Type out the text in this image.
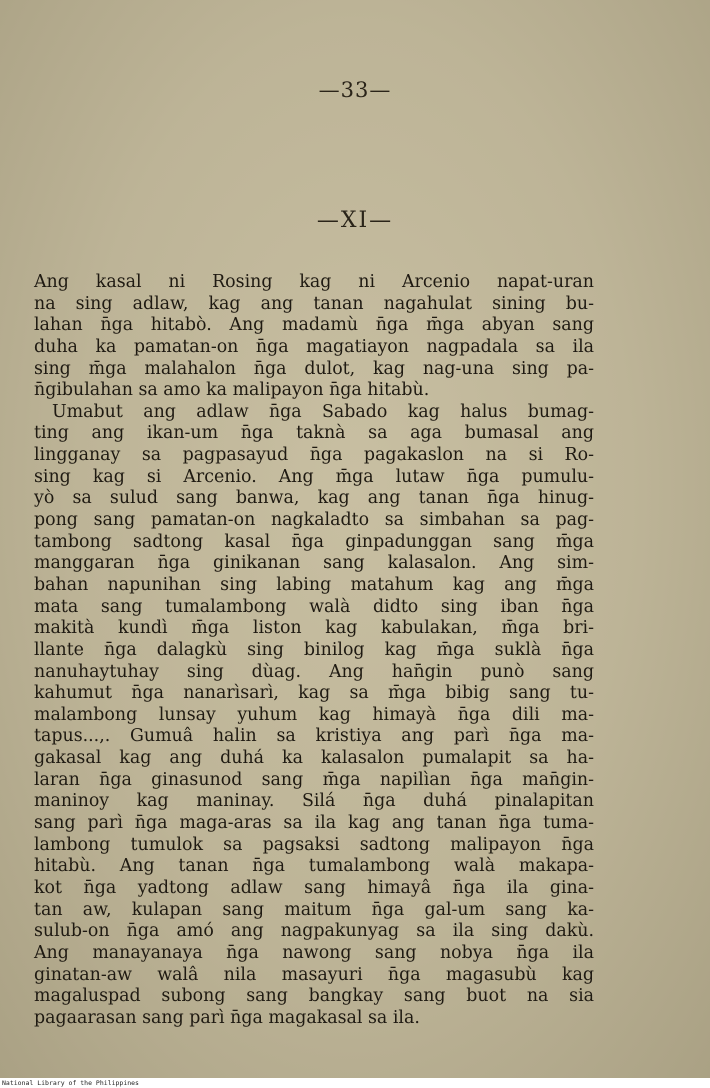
—33—
—XI—
Ang kasal ni Rosing kag ni Arcenio napat-uran
na sing adlaw, kag ang tanan nagahulat sining bu-
lahan n̄ga hitabò. Ang madamù n̄ga m̄ga abyan sang
duha ka pamatan-on n̄ga magatiayon nagpadala sa ila
sing m̄ga malahalon n̄ga dulot, kag nag-una sing pa-
n̄gibulahan sa amo ka malipayon n̄ga hitabù.
Umabut ang adlaw n̄ga Sabado kag halus bumag-
ting ang ikan-um n̄ga taknà sa aga bumasal ang
linggana​y sa pagpasayud n̄ga pagakaslon na si Ro-
sing kag si Arcenio. Ang m̄ga lutaw n̄ga pumulu-
yò sa sulud sang banwa, kag ang tanan n̄ga hinug-
pong sang pamatan-on nagkaladto sa simbahan sa pag-
tambong sadtong kasal n̄ga ginpadunggan sang m̄ga
manggaran n̄ga ginikanan sang kalasalon. Ang sim-
bahan napunihan sing labing matahum kag ang m̄ga
mata sang tumalambong walà didto sing iban n̄ga
makità kundì m̄ga liston kag kabulakan, m̄ga bri-
llante n̄ga dalagkù sing binilog kag m̄ga suklà n̄ga
nanuhaytuhay sing dùag. Ang han̄gin punò sang
kahumut n̄ga nanarìsarì, kag sa m̄ga bibig sang tu-
malambong lunsay yuhum kag himayà n̄ga dili ma-
tapus...,. Gumuâ halin sa kristiya ang parì n̄ga ma-
gakasal kag ang duhá ka kalasalon pumalapit sa ha-
laran n̄ga ginasunod sang m̄ga napilìan n̄ga man̄gin-
maninoy kag maninay. Silá n̄ga duhá pinalapitan
sang parì n̄ga maga-aras sa ila kag ang tanan n̄ga tuma-
lambong tumulok sa pagsaksi sadtong malipayon n̄ga
hitabù. Ang tanan n̄ga tumalambong walà makapa-
kot n̄ga yadtong adlaw sang himayâ n̄ga ila gina-
tan aw, kulapan sang maitum n̄ga gal-um sang ka-
sulub-on n̄ga amó ang nagpakunyag sa ila sing dakù.
Ang manayanaya n̄ga nawong sang nobya n̄ga ila
ginatan-aw walâ nila masayuri n̄ga magasubù kag
magaluspad subong sang bangkay sang buot na sia
pagaarasan sang parì n̄ga magakasal sa ila.
National Library of the Philippines
